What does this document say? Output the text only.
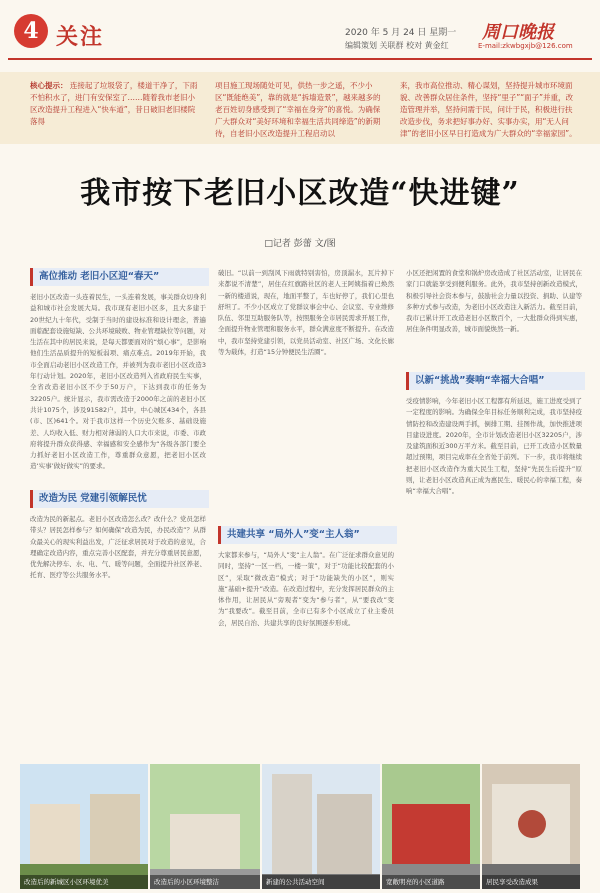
4 关注	2020 年 5 月 24 日 星期一
编辑策划 关联群 校对 黄金红
周口晚报
E-mail:zkwbgxjb@126.com
核心提示： 连接起了垃圾袋了，楼道干净了，下雨不怕积水了，进门有安保室了……随着我市老旧小区改造提升工程进入“快车道”，昔日破旧老旧楼院落得
项目施工现场随处可见，供热一步之遥，不少小区“既能绝美”，靠的就是“拆墙造景”，越来越多的老百姓切身感受到了“幸福在身旁”的喜悦。为确保广大群众对“美好环境和幸福生活共同缔造”的新期待，自老旧小区改造提升工程启动以
来，我市高位推动、精心谋划，坚持提升城市环境面貌、改善群众居住条件，坚持“里子”“面子”并重，改造管理并举，坚持问需于民，问计于民，积极进行扶改造步伐，务求把好事办好、实事办实，用“无人问津”的老旧小区早日打造成为广大群众的“幸福家园”。
我市按下老旧小区改造“快进键”
□记者 彭蕾 文/图
高位推动 老旧小区迎“春天”
老旧小区改造一头连着民生，一头连着发展，事关群众切身利益和城市社会发展大局。我市现有老旧小区多，且大多建于20世纪九十年代，受制于当时的建设标准和设计理念，普遍面临配套设施短缺、公共环境破败、物业管理缺位等问题，对生活在其中的居民来说，是每天都要面对的“烦心事”，是影响他们生活品质提升的短板弱项、痛点难点。2019年开始，我市全面启动老旧小区改造工作，并被列为我市老旧小区改造3年行动计划。2020年，老旧小区改造列入省政府民生实事，全省改造老旧小区不少于50万户，下达到我市的任务为32205户。统计显示，我市需改造于2000年之前的老旧小区共计1075个，涉及91582户，其中，中心城区434个，各县(市、区)641个。对于我市这样一个历史欠账多、基础设施差、人均收入低、财力相对薄弱的人口大市来说，市委、市政府将提升群众获得感、幸福感和安全感作为“各级各部门要全力抓好老旧小区改造工作，尊重群众意愿，把老旧小区改造‘实事’做好做实”的要求。
改造为民 党建引领解民忧
改造为民的新起点。老旧小区改造怎么改？改什么？党员怎样带头？居民怎样参与？如何确保“改造为民，办民改造”？从群众最关心的现实利益出发，广泛征求居民对于改造的意见，合理确定改造内容，重点完善小区配套，并充分尊重居民意愿，优先解决停车、水、电、气、暖等问题，全面提升社区养老、托育、医疗等公共服务水平。
破旧。“以前一到刮风下雨就特别害怕，房顶漏水，瓦片掉下来都说不清楚”，居住在红旗路社区的老人王阿姨指着已焕然一新的楼道说，现在，地面平整了，车也好停了，我们心里也舒坦了。不少小区成立了党群议事会中心、会议室、专业维修队伍、邻里互助服务队等，按照服务全市居民需求开展工作，全面提升物业管理和服务水平，群众满意度不断提升。在改造中，我市坚持党建引领，以党员活动室、社区广场、文化长廊等为载体，打造“15分钟便民生活圈”。
共建共享 “局外人”变“主人翁”
大家都来参与，“局外人”变“主人翁”。在广泛征求群众意见的同时，坚持“一区一档，一楼一策”，对于“功能比较配套的小区”，采取“微改造”模式；对于“功能缺失的小区”，则实施“基础+提升”改造。在改造过程中，充分发挥居民群众的主体作用，让居民从“旁观者”变为“参与者”，从“要我改”变为“我要改”。截至目前，全市已有多个小区成立了业主委员会，居民自治、共建共享的良好氛围逐步形成。
小区还把闲置的食堂和锅炉房改造成了社区活动室，让居民在家门口就能享受到便利服务。此外，我市坚持创新改造模式，积极引导社会资本参与，鼓励社会力量以投资、捐助、认建等多种方式参与改造，为老旧小区改造注入新活力。截至目前，我市已累计开工改造老旧小区数百个，一大批群众得到实惠，居住条件明显改善，城市面貌焕然一新。
以新“挑战”奏响“幸福大合唱”
受疫情影响，今年老旧小区工程都有所延迟，施工进度受到了一定程度的影响。为确保全年目标任务顺利完成，我市坚持疫情防控和改造建设两手抓，倒排工期、挂图作战，加快推进项目建设进度。2020年，全市计划改造老旧小区32205户，涉及建筑面积近300万平方米。截至目前，已开工改造小区数量超过预期，项目完成率在全省处于前列。下一步，我市将继续把老旧小区改造作为重大民生工程，坚持“先民生后提升”原则，让老旧小区改造真正成为惠民生、暖民心的幸福工程，奏响“幸福大合唱”。
改造后的新城区小区环境优美	改造后的小区环境整洁	新建的公共活动空间	宽敞明亮的小区道路	居民享受改造成果
